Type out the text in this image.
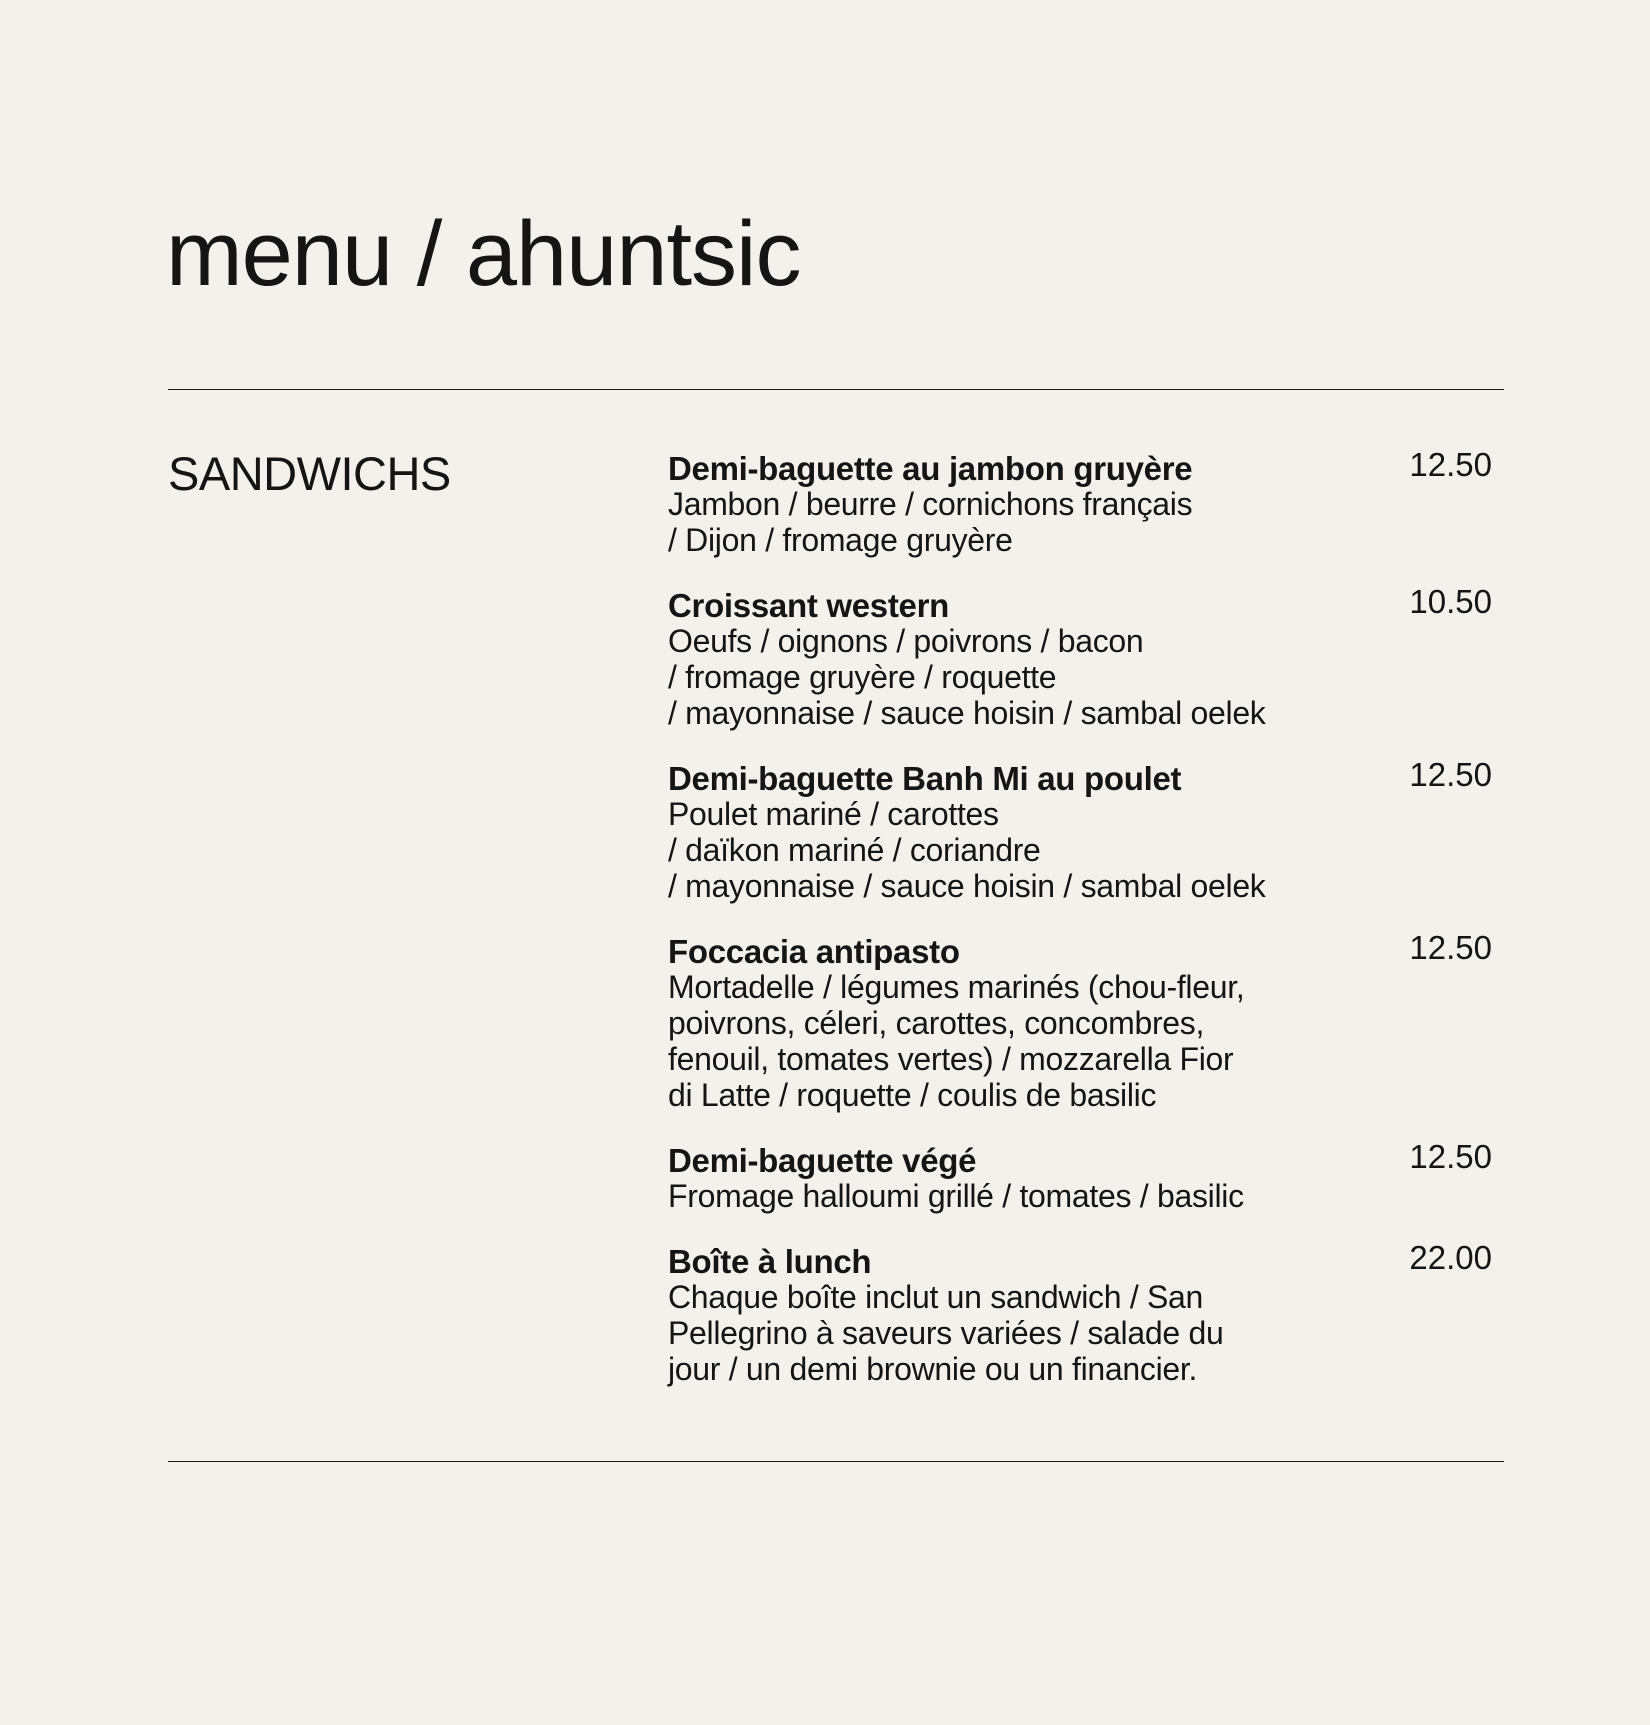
menu / ahuntsic
SANDWICHS	Demi-baguette au jambon gruyère	12.50
Jambon / beurre / cornichons français
/ Dijon / fromage gruyère
Croissant western	10.50
Oeufs / oignons / poivrons / bacon
/ fromage gruyère / roquette
/ mayonnaise / sauce hoisin / sambal oelek
Demi-baguette Banh Mi au poulet	12.50
Poulet mariné / carottes
/ daïkon mariné / coriandre
/ mayonnaise / sauce hoisin / sambal oelek
Foccacia antipasto	12.50
Mortadelle / légumes marinés (chou-fleur,
poivrons, céleri, carottes, concombres,
fenouil, tomates vertes) / mozzarella Fior
di Latte / roquette / coulis de basilic
Demi-baguette végé	12.50
Fromage halloumi grillé / tomates / basilic
Boîte à lunch	22.00
Chaque boîte inclut un sandwich / San
Pellegrino à saveurs variées / salade du
jour / un demi brownie ou un financier.
